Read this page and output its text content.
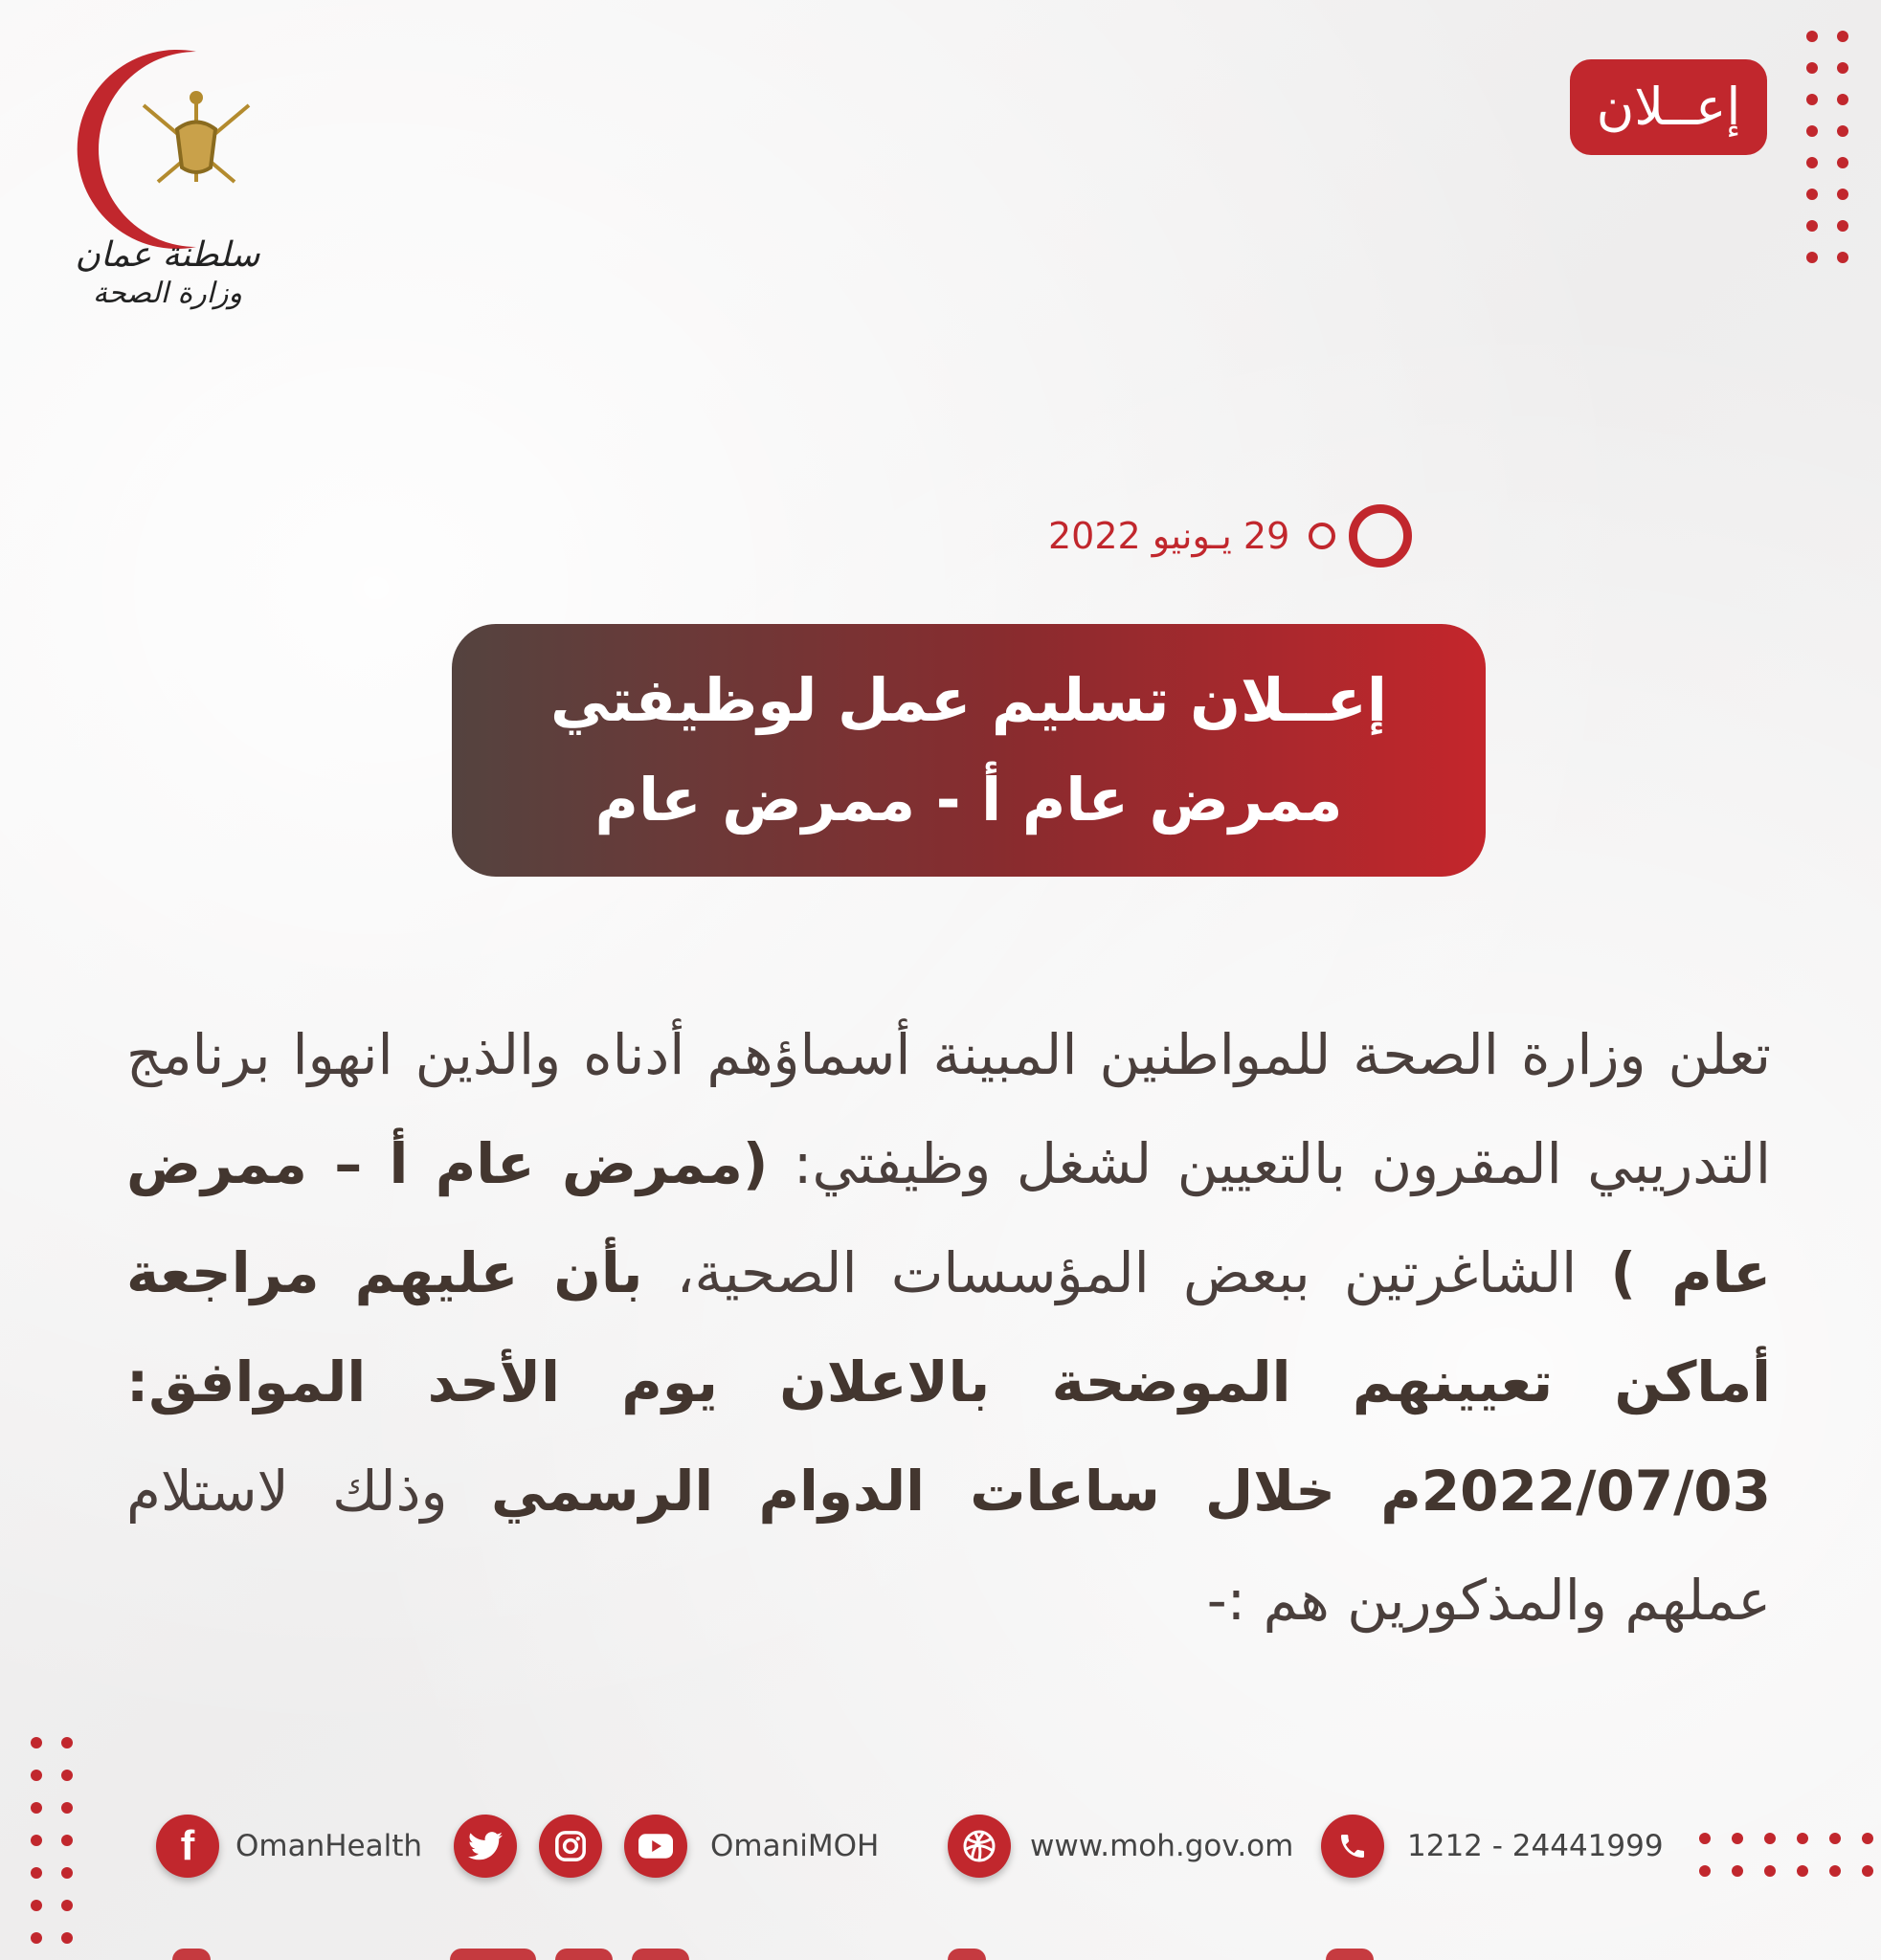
سلطنة عمان
وزارة الصحة
إعــلان
29 يـونيو 2022
إعــلان تسليم عمل لوظيفتي
ممرض عام أ - ممرض عام
تعلن وزارة الصحة للمواطنين المبينة أسماؤهم أدناه والذين انهوا برنامج التدريبي المقرون بالتعيين لشغل وظيفتي: (ممرض عام أ – ممرض عام ) الشاغرتين ببعض المؤسسات الصحية، بأن عليهم مراجعة أماكن تعيينهم الموضحة بالاعلان يوم الأحد الموافق: 2022/07/03م خلال ساعات الدوام الرسمي وذلك لاستلام عملهم والمذكورين هم :-
f OmanHealth	OmaniMOH	www.moh.gov.om	1212 - 24441999
